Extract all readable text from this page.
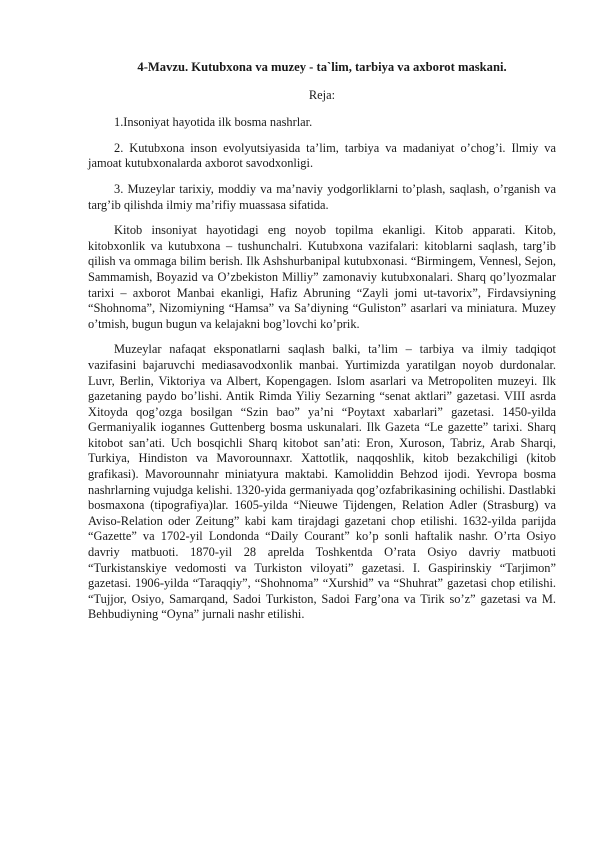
4-Mavzu. Kutubxona va muzey - ta`lim, tarbiya va axborot maskani.

Reja:

1.Insoniyat hayotida ilk bosma nashrlar.

2. Kutubxona inson evolyutsiyasida ta’lim, tarbiya va madaniyat o’chog’i. Ilmiy va jamoat kutubxonalarda axborot savodxonligi.

3. Muzeylar tarixiy, moddiy va ma’naviy yodgorliklarni to’plash, saqlash, o’rganish va targ’ib qilishda ilmiy ma’rifiy muassasa sifatida.

Kitob insoniyat hayotidagi eng noyob topilma ekanligi. Kitob apparati. Kitob, kitobxonlik va kutubxona – tushunchalri. Kutubxona vazifalari: kitoblarni saqlash, targ’ib qilish va ommaga bilim berish. Ilk Ashshurbanipal kutubxonasi. “Birmingem, Vennesl, Sejon, Sammamish, Boyazid va O’zbekiston Milliy” zamonaviy kutubxonalari. Sharq qo’lyozmalar tarixi – axborot Manbai ekanligi, Hafiz Abruning “Zayli jomi ut-tavorix”, Firdavsiyning “Shohnoma”, Nizomiyning “Hamsa” va Sa’diyning “Guliston” asarlari va miniatura. Muzey o’tmish, bugun bugun va kelajakni bog’lovchi ko’prik.

Muzeylar nafaqat eksponatlarni saqlash balki, ta’lim – tarbiya va ilmiy tadqiqot vazifasini bajaruvchi mediasavodxonlik manbai. Yurtimizda yaratilgan noyob durdonalar. Luvr, Berlin, Viktoriya va Albert, Kopengagen. Islom asarlari va Metropoliten muzeyi. Ilk gazetaning paydo bo’lishi. Antik Rimda Yiliy Sezarning “senat aktlari” gazetasi. VIII asrda Xitoyda qog’ozga bosilgan “Szin bao” ya’ni “Poytaxt xabarlari” gazetasi. 1450-yilda Germaniyalik iogannes Guttenberg bosma uskunalari. Ilk Gazeta “Le gazette” tarixi. Sharq kitobot san’ati. Uch bosqichli Sharq kitobot san’ati: Eron, Xuroson, Tabriz, Arab Sharqi, Turkiya, Hindiston va Mavorounnaxr. Xattotlik, naqqoshlik, kitob bezakchiligi (kitob grafikasi). Mavorounnahr miniatyura maktabi. Kamoliddin Behzod ijodi. Yevropa bosma nashrlarning vujudga kelishi. 1320-yida germaniyada qog’ozfabrikasining ochilishi. Dastlabki bosmaxona (tipografiya)lar. 1605-yilda “Nieuwe Tijdengen, Relation Adler (Strasburg) va Aviso-Relation oder Zeitung” kabi kam tirajdagi gazetani chop etilishi. 1632-yilda parijda “Gazette” va 1702-yil Londonda “Daily Courant” ko’p sonli haftalik nashr. O’rta Osiyo davriy matbuoti. 1870-yil 28 aprelda Toshkentda O’rata Osiyo davriy matbuoti “Turkistanskiye vedomosti va Turkiston viloyati” gazetasi. I. Gaspirinskiy “Tarjimon” gazetasi. 1906-yilda “Taraqqiy”, “Shohnoma” “Xurshid” va “Shuhrat” gazetasi chop etilishi. “Tujjor, Osiyo, Samarqand, Sadoi Turkiston, Sadoi Farg’ona va Tirik so’z” gazetasi va M. Behbudiyning “Oyna” jurnali nashr etilishi.
